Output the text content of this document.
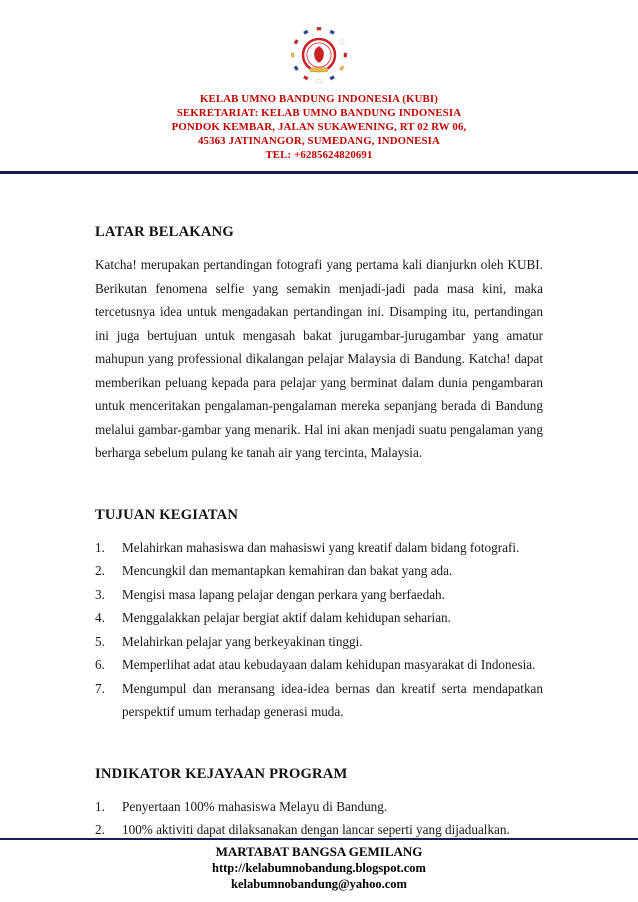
KELAB UMNO BANDUNG INDONESIA (KUBI)
SEKRETARIAT: KELAB UMNO BANDUNG INDONESIA
PONDOK KEMBAR, JALAN SUKAWENING, RT 02 RW 06,
45363 JATINANGOR, SUMEDANG, INDONESIA
TEL: +6285624820691
LATAR BELAKANG

Katcha! merupakan pertandingan fotografi yang pertama kali dianjurkn oleh KUBI. Berikutan fenomena selfie yang semakin menjadi-jadi pada masa kini, maka tercetusnya idea untuk mengadakan pertandingan ini. Disamping itu, pertandingan ini juga bertujuan untuk mengasah bakat jurugambar-jurugambar yang amatur mahupun yang professional dikalangan pelajar Malaysia di Bandung. Katcha! dapat memberikan peluang kepada para pelajar yang berminat dalam dunia pengambaran untuk menceritakan pengalaman-pengalaman mereka sepanjang berada di Bandung melalui gambar-gambar yang menarik. Hal ini akan menjadi suatu pengalaman yang berharga sebelum pulang ke tanah air yang tercinta, Malaysia.

TUJUAN KEGIATAN
1.	Melahirkan mahasiswa dan mahasiswi yang kreatif dalam bidang fotografi.
2.	Mencungkil dan memantapkan kemahiran dan bakat yang ada.
3.	Mengisi masa lapang pelajar dengan perkara yang berfaedah.
4.	Menggalakkan pelajar bergiat aktif dalam kehidupan seharian.
5.	Melahirkan pelajar yang berkeyakinan tinggi.
6.	Memperlihat adat atau kebudayaan dalam kehidupan masyarakat di Indonesia.
7.	Mengumpul dan meransang idea-idea bernas dan kreatif serta mendapatkan perspektif umum terhadap generasi muda.
INDIKATOR KEJAYAAN PROGRAM
1.	Penyertaan 100% mahasiswa Melayu di Bandung.
2.	100% aktiviti dapat dilaksanakan dengan lancar seperti yang dijadualkan.
MARTABAT BANGSA GEMILANG
http://kelabumnobandung.blogspot.com
kelabumnobandung@yahoo.com
